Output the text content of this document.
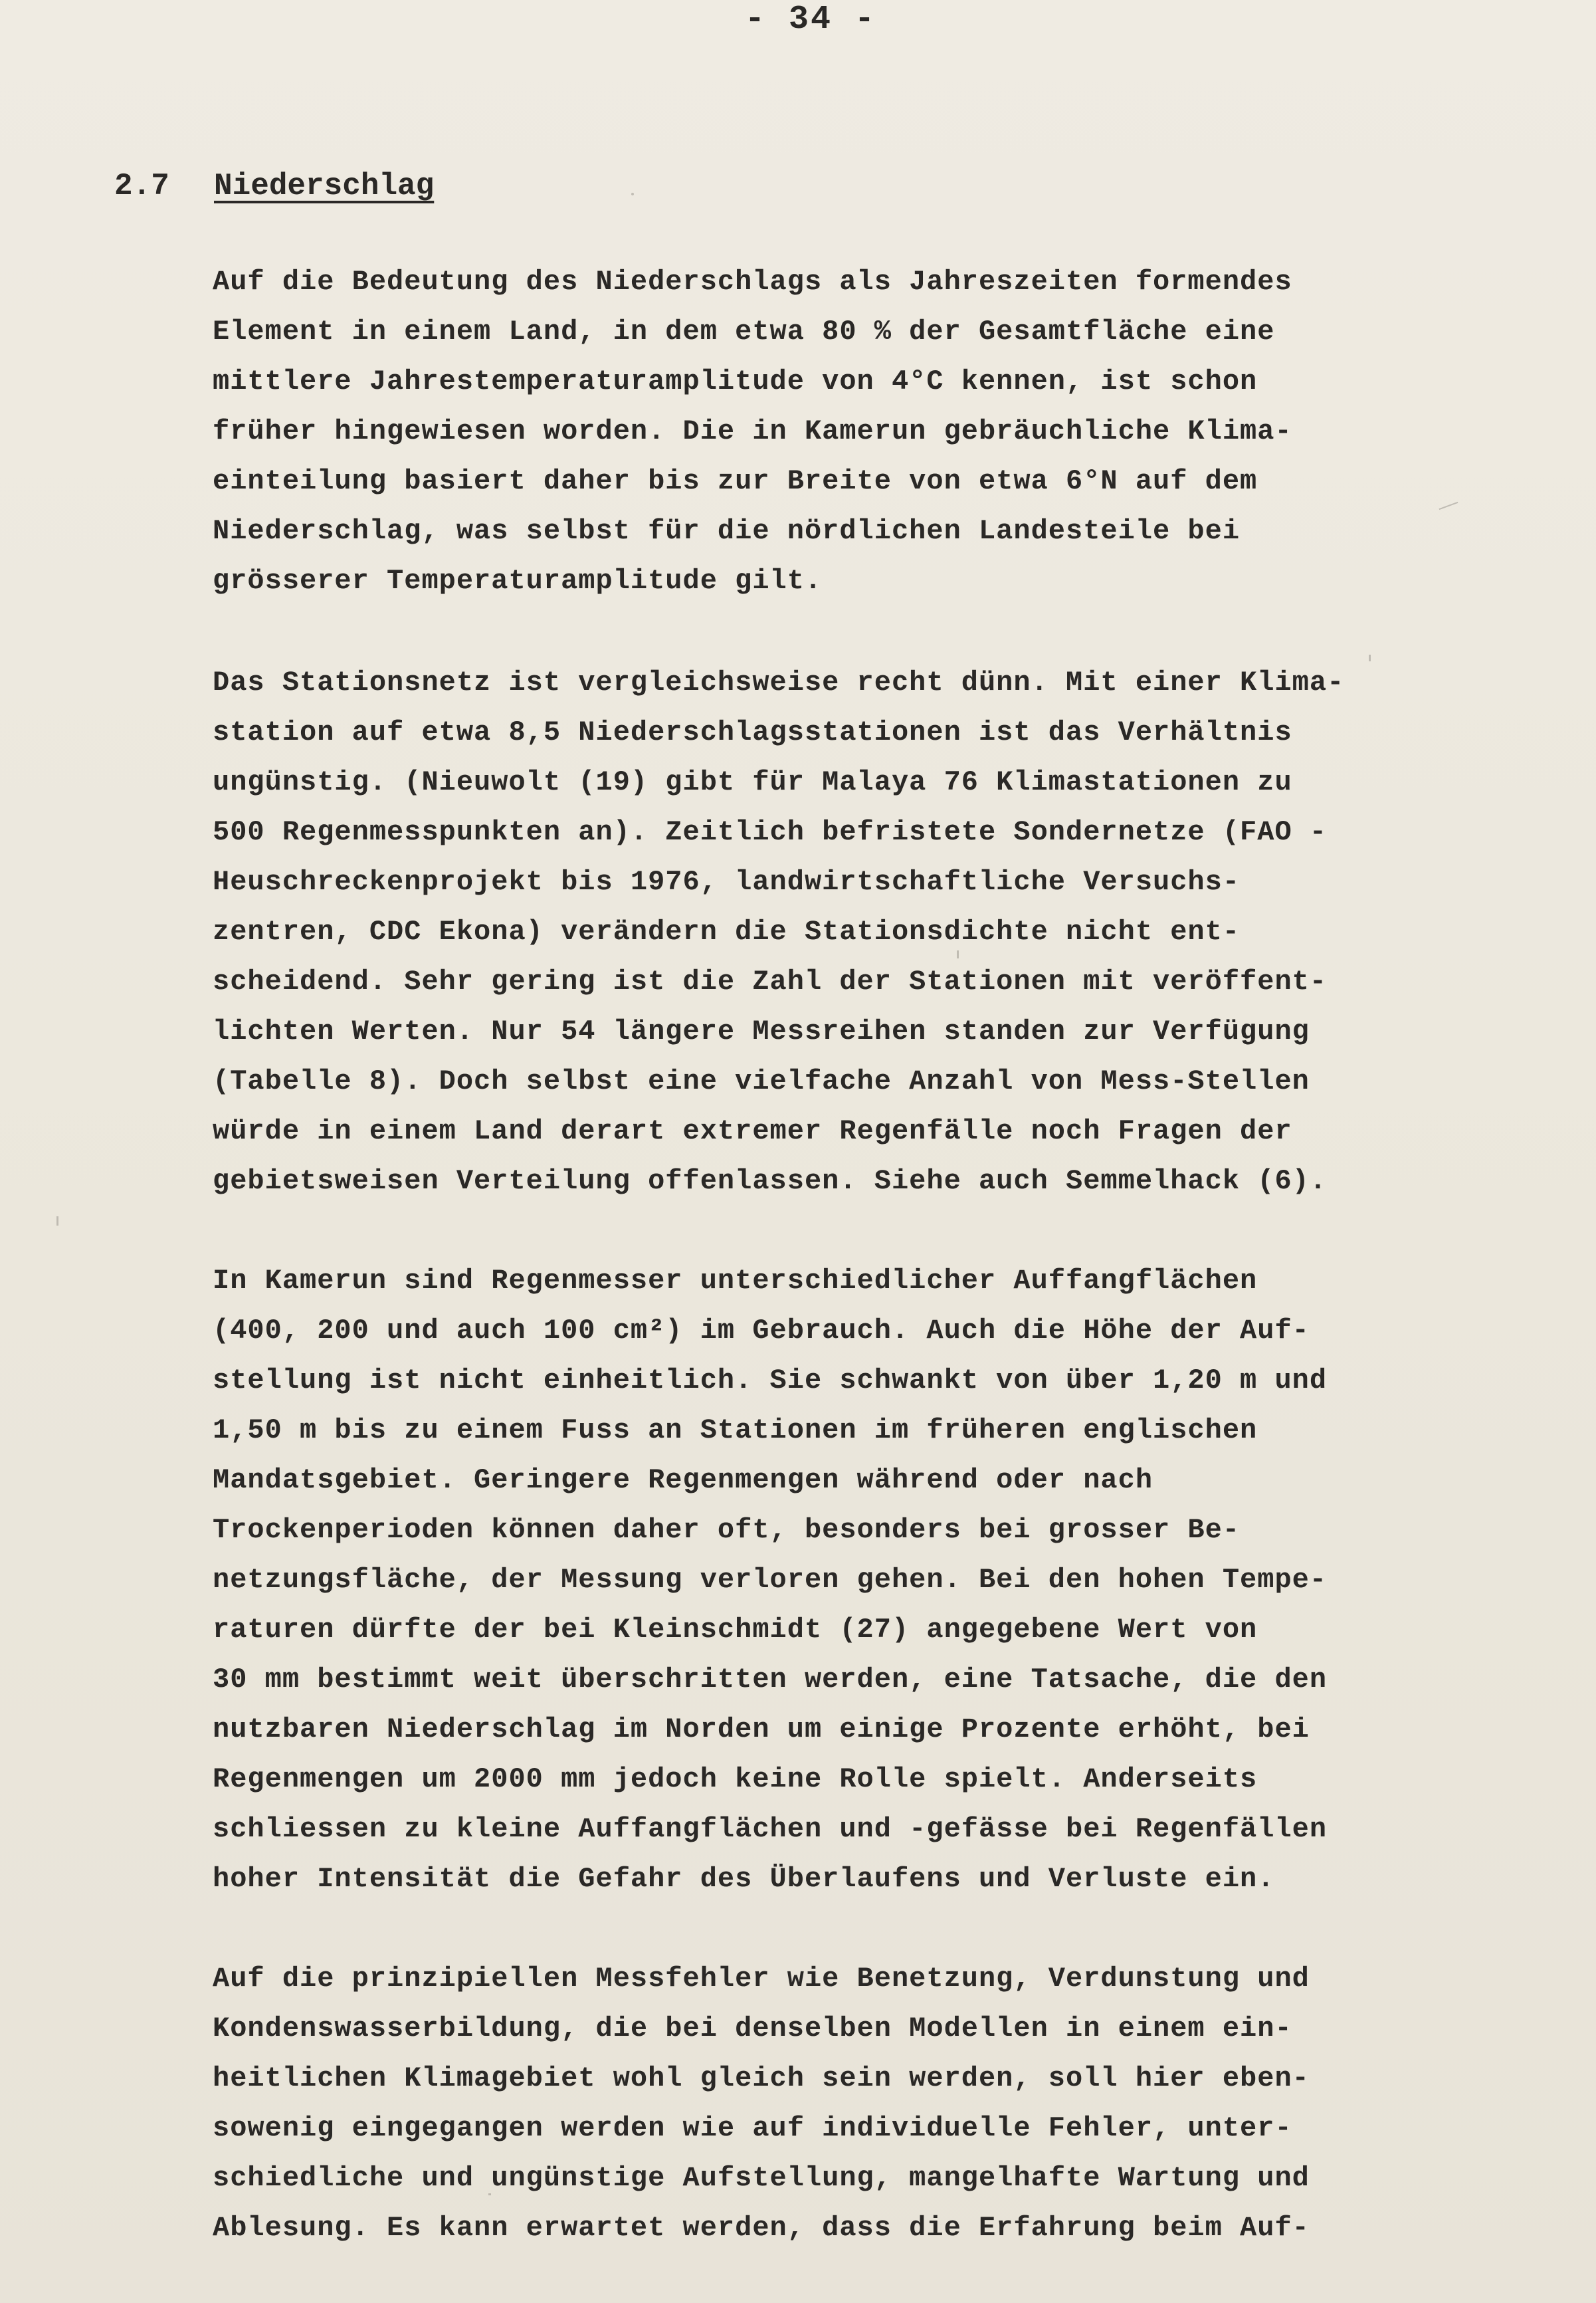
- 34 -
2.7 Niederschlag
Auf die Bedeutung des Niederschlags als Jahreszeiten formendes
Element in einem Land, in dem etwa 80 % der Gesamtfläche eine
mittlere Jahrestemperaturamplitude von 4°C kennen, ist schon
früher hingewiesen worden. Die in Kamerun gebräuchliche Klima-
einteilung basiert daher bis zur Breite von etwa 6°N auf dem
Niederschlag, was selbst für die nördlichen Landesteile bei
grösserer Temperaturamplitude gilt.
Das Stationsnetz ist vergleichsweise recht dünn. Mit einer Klima-
station auf etwa 8,5 Niederschlagsstationen ist das Verhältnis
ungünstig. (Nieuwolt (19) gibt für Malaya 76 Klimastationen zu
500 Regenmesspunkten an). Zeitlich befristete Sondernetze (FAO -
Heuschreckenprojekt bis 1976, landwirtschaftliche Versuchs-
zentren, CDC Ekona) verändern die Stationsdichte nicht ent-
scheidend. Sehr gering ist die Zahl der Stationen mit veröffent-
lichten Werten. Nur 54 längere Messreihen standen zur Verfügung
(Tabelle 8). Doch selbst eine vielfache Anzahl von Mess-Stellen
würde in einem Land derart extremer Regenfälle noch Fragen der
gebietsweisen Verteilung offenlassen. Siehe auch Semmelhack (6).
In Kamerun sind Regenmesser unterschiedlicher Auffangflächen
(400, 200 und auch 100 cm²) im Gebrauch. Auch die Höhe der Auf-
stellung ist nicht einheitlich. Sie schwankt von über 1,20 m und
1,50 m bis zu einem Fuss an Stationen im früheren englischen
Mandatsgebiet. Geringere Regenmengen während oder nach
Trockenperioden können daher oft, besonders bei grosser Be-
netzungsfläche, der Messung verloren gehen. Bei den hohen Tempe-
raturen dürfte der bei Kleinschmidt (27) angegebene Wert von
30 mm bestimmt weit überschritten werden, eine Tatsache, die den
nutzbaren Niederschlag im Norden um einige Prozente erhöht, bei
Regenmengen um 2000 mm jedoch keine Rolle spielt. Anderseits
schliessen zu kleine Auffangflächen und -gefässe bei Regenfällen
hoher Intensität die Gefahr des Überlaufens und Verluste ein.
Auf die prinzipiellen Messfehler wie Benetzung, Verdunstung und
Kondenswasserbildung, die bei denselben Modellen in einem ein-
heitlichen Klimagebiet wohl gleich sein werden, soll hier eben-
sowenig eingegangen werden wie auf individuelle Fehler, unter-
schiedliche und ungünstige Aufstellung, mangelhafte Wartung und
Ablesung. Es kann erwartet werden, dass die Erfahrung beim Auf-
